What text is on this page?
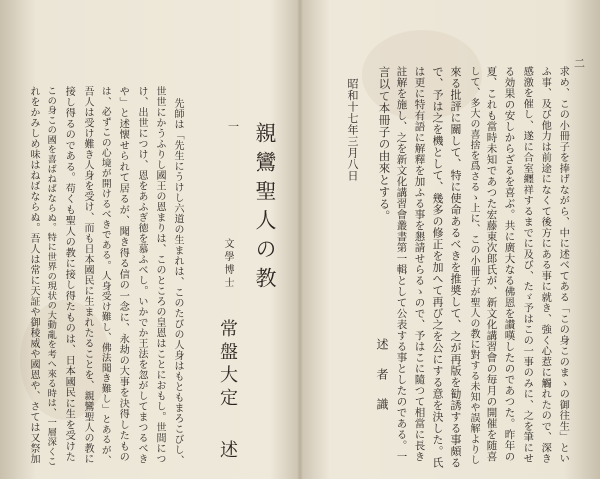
二
求め、この小冊子を捧げながら、中に述べてある「この身このまゝの御往生」とい
ふ事、及び他力は前途になくて後方にある事に就き、強く心惹に觸れたので、深き
感激を催し、遂に合室纒祥するまでに及び、たゞ予はこの一事のみに、之を筆にせ
る効果の安しからざるを喜ぶ。共に廣大なる佛恩を讃嘆したのであつた。昨年の
夏、これも當時未知であつた宏藤東次郎氏が、新文化講習會の毎月の開催を随喜
して、多大の喜捨を爲さるゝ上に、この小冊子が聖人の教に對する未知や誤解よりし
來る批評に關して、特に使命あるべきを推奬して、之が再版を勧誘する事頗る
で、予は之を機として、幾多の修正を加へて再び之を公にする意を決した。氏
は更に特有語に解釋を加ふる事を懇請せらるゝので、予はこに隨つて相當に長き
註解を施し、之を新文化講習會叢書第一輯として公表する事としたのである。一
言以て本冊子の由來とする。
昭和十七年三月八日
述者識
一 親鸞聖人の教
文學博士 常盤大定 述
先師は「先生にうけし六道の生まれは、このたびの人身はもともまろこびし、
世世にかうふりし國王の恩まりは、このところの皇恩はことにおもし。世間につ
け、出世につけ、恩をあふぎ徳を慕ふべし。いかでか王法を忽がしてまつるべき
や」と述懐せられて居るが、聞き得る信の一念に、永劫の大事を決得したもの
は、必ずこの心境が開けるべきである。人身受け難し、佛法聞き難し」とあるが、
吾人は受け難き人身を受け、而も日本國民に生まれたることを、親鸞聖人の教に
接し得るのである。苟くも聖人の教に接し得たものは、日本國民に生を受けた
この身この國を喜ばねばならぬ。特に世界の現状の大動亂を考へ來る時は、一層深くこ
れをかみしめ味はねばならぬ。吾人は常に天証や御稜威や國恩や、さては又祭加
